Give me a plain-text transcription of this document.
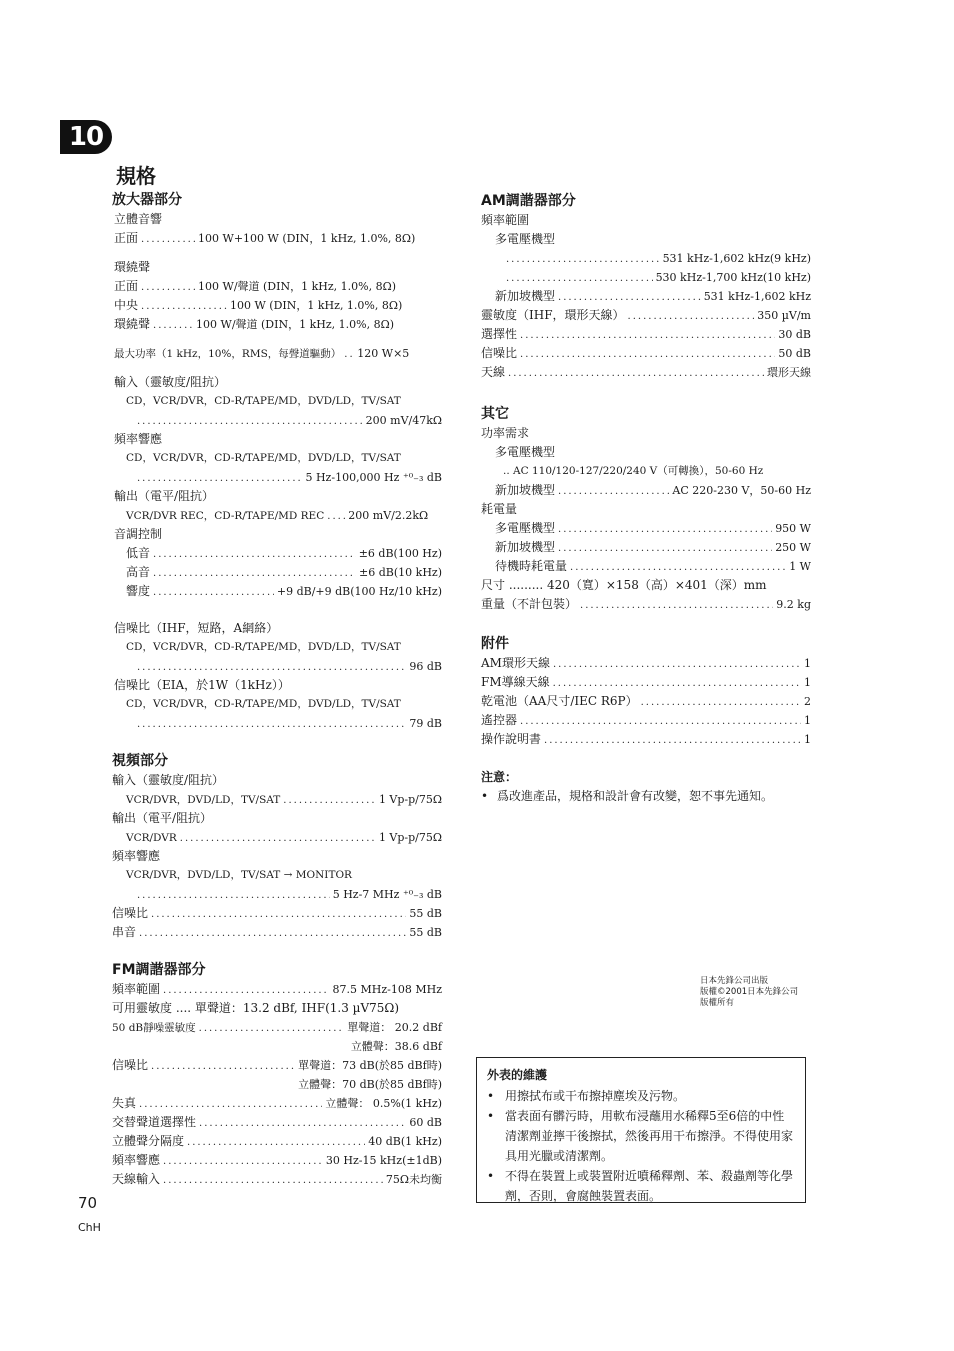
10
規格
放大器部分
立體音響
正面 .....	100 W+100 W (DIN，1 kHz, 1.0%, 8Ω)
環繞聲
正面 .....	100 W/聲道 (DIN，1 kHz, 1.0%, 8Ω)
中央 .....	100 W (DIN，1 kHz, 1.0%, 8Ω)
環繞聲 .....	100 W/聲道 (DIN，1 kHz, 1.0%, 8Ω)
最大功率（1 kHz，10%，RMS，每聲道驅動） ..... 120 W×5
輸入（靈敏度/阻抗）
CD，VCR/DVR，CD-R/TAPE/MD，DVD/LD，TV/SAT
.....
200 mV/47kΩ
頻率響應
CD，VCR/DVR，CD-R/TAPE/MD，DVD/LD，TV/SAT
.....
5 Hz-100,000 Hz ⁺⁰₋₃ dB
輸出（電平/阻抗）
VCR/DVR REC，CD-R/TAPE/MD REC ..... 200 mV/2.2kΩ
音調控制
低音 .....	±6 dB(100 Hz)
高音 .....	±6 dB(10 kHz)
響度 .....	+9 dB/+9 dB(100 Hz/10 kHz)
信噪比（IHF，短路，A網絡）
CD，VCR/DVR，CD-R/TAPE/MD，DVD/LD，TV/SAT
.....
96 dB
信噪比（EIA，於1W（1kHz））
CD，VCR/DVR，CD-R/TAPE/MD，DVD/LD，TV/SAT
.....
79 dB
視頻部分
輸入（靈敏度/阻抗）
VCR/DVR，DVD/LD，TV/SAT .....	1 Vp-p/75Ω
輸出（電平/阻抗）
VCR/DVR .....	1 Vp-p/75Ω
頻率響應
VCR/DVR，DVD/LD，TV/SAT → MONITOR
.....
5 Hz-7 MHz ⁺⁰₋₃ dB
信噪比 .....	55 dB
串音 .....	55 dB
FM調諧器部分
頻率範圍 .....	87.5 MHz-108 MHz
可用靈敏度 .... 單聲道：13.2 dBf, IHF(1.3 µV75Ω)
50 dB靜噪靈敏度 .....	單聲道： 20.2 dBf
立體聲：38.6 dBf
信噪比 .....	單聲道：73 dB(於85 dBf時)
立體聲：70 dB(於85 dBf時)
失真 .....	立體聲： 0.5%(1 kHz)
交替聲道選擇性 .....	60 dB
立體聲分隔度 .....	40 dB(1 kHz)
頻率響應 .....	30 Hz-15 kHz(±1dB)
天線輸入 .....	75Ω未均衡
AM調諧器部分
頻率範圍
多電壓機型
.....
531 kHz-1,602 kHz(9 kHz)
.....
530 kHz-1,700 kHz(10 kHz)
新加坡機型 .....	531 kHz-1,602 kHz
靈敏度（IHF，環形天線） .....	350 µV/m
選擇性 .....	30 dB
信噪比 .....	50 dB
天線 .....	環形天線
其它
功率需求
多電壓機型
.. AC 110/120-127/220/240 V（可轉換），50-60 Hz
新加坡機型 .....	AC 220-230 V，50-60 Hz
耗電量
多電壓機型 .....	950 W
新加坡機型 .....	250 W
待機時耗電量 .....	1 W
尺寸 ......... 420（寬）×158（高）×401（深）mm
重量（不計包裝） .....	9.2 kg
附件
AM環形天線 .....	1
FM導線天線 .....	1
乾電池（AA尺寸/IEC R6P） .....	2
遙控器 .....	1
操作說明書 .....	1
注意：
• 爲改進產品，規格和設計會有改變，恕不事先通知。
日本先鋒公司出版
版權©2001日本先鋒公司
版權所有
外表的維護
• 用擦拭布或干布擦掉塵埃及污物。
• 當表面有髒污時，用軟布浸蘸用水稀釋5至6倍的中性清潔劑並擰干後擦拭，然後再用干布擦淨。不得使用家具用光臘或清潔劑。
• 不得在裝置上或裝置附近噴稀釋劑、苯、殺蟲劑等化學劑，否則，會腐蝕裝置表面。
70
ChH
